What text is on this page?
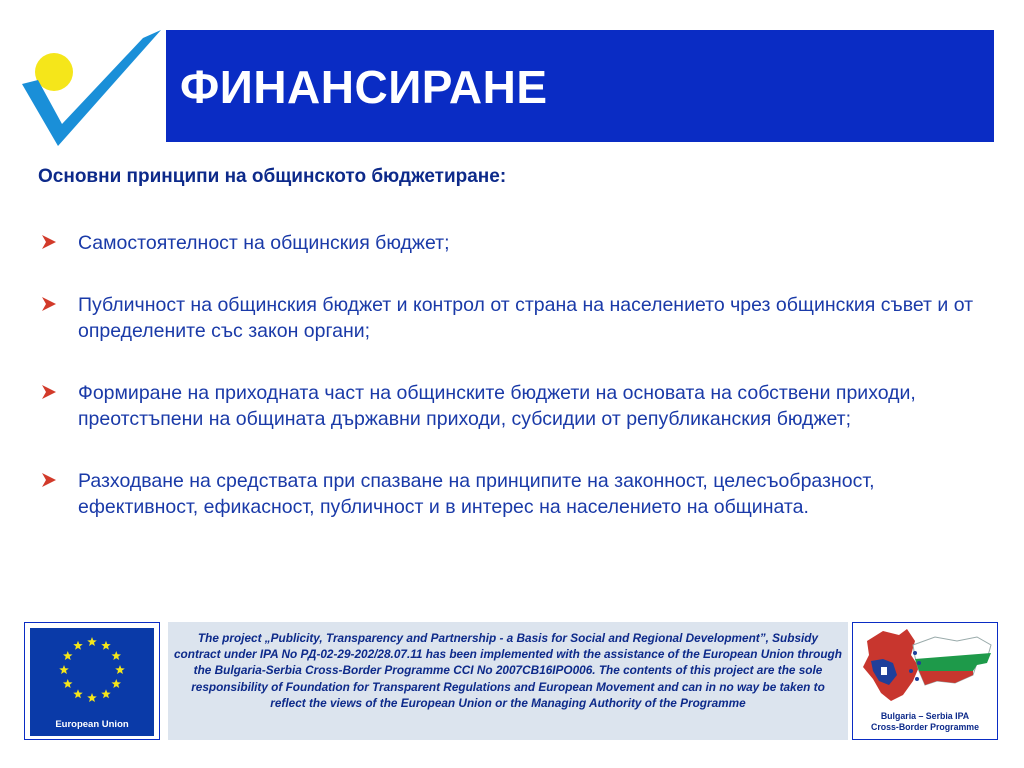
ФИНАНСИРАНЕ
Основни принципи на общинското бюджетиране:
Самостоятелност на общинския бюджет;
Публичност на общинския бюджет и контрол от страна на населението чрез общинския съвет и от определените със закон органи;
Формиране на приходната част на общинските бюджети на основата на собствени приходи, преотстъпени на общината държавни приходи, субсидии от републиканския бюджет;
Разходване на средствата при спазване на принципите на законност, целесъобразност, ефективност, ефикасност, публичност и в интерес на населението на общината.
European Union
The project „Publicity, Transparency and Partnership - a Basis for Social and Regional Development”, Subsidy contract under IPA No РД-02-29-202/28.07.11 has been implemented with the assistance of the European Union through the Bulgaria-Serbia Cross-Border Programme CCI No 2007CB16IPO006. The contents of this project are the sole responsibility of Foundation for Transparent Regulations and European Movement and can in no way be taken to reflect the views of the European Union or the Managing Authority of the Programme
Bulgaria – Serbia IPA
Cross-Border Programme
